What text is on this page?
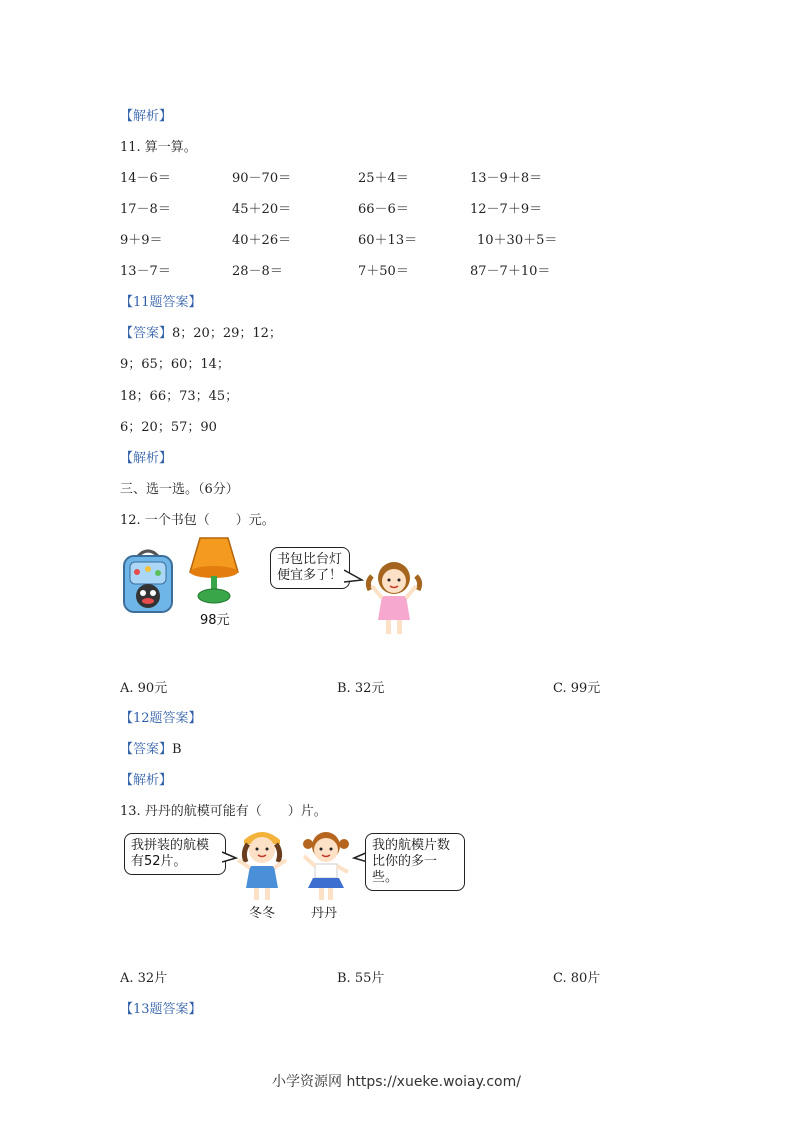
【解析】
11. 算一算。
14－6＝	90－70＝	25＋4＝	13－9＋8＝
17－8＝	45＋20＝	66－6＝	12－7＋9＝
9＋9＝	40＋26＝	60＋13＝	10＋30＋5＝
13－7＝	28－8＝	7＋50＝	87－7＋10＝
【11题答案】
【答案】8；20；29；12；
9；65；60；14；
18；66；73；45；
6；20；57；90
【解析】
三、选一选。（6分）
12. 一个书包（　　）元。
98元
书包比台灯
便宜多了！
A. 90元	B. 32元	C. 99元
【12题答案】
【答案】B
【解析】
13. 丹丹的航模可能有（　　）片。
我拼装的航模
有52片。
冬冬	丹丹
我的航模片数
比你的多一些。
A. 32片	B. 55片	C. 80片
【13题答案】
小学资源网 https://xueke.woiay.com/
